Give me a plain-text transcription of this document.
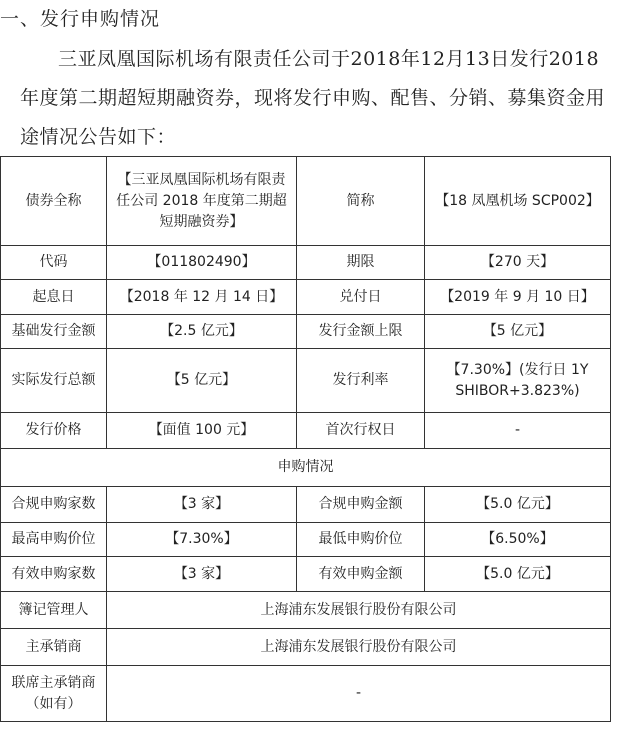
一、发行申购情况
三亚凤凰国际机场有限责任公司于2018年12月13日发行2018年度第二期超短期融资券，现将发行申购、配售、分销、募集资金用途情况公告如下：
债券全称	【三亚凤凰国际机场有限责任公司 2018 年度第二期超短期融资券】	简称	【18 凤凰机场 SCP002】
代码	【011802490】	期限	【270 天】
起息日	【2018 年 12 月 14 日】	兑付日	【2019 年 9 月 10 日】
基础发行金额	【2.5 亿元】	发行金额上限	【5 亿元】
实际发行总额	【5 亿元】	发行利率	【7.30%】(发行日 1Y SHIBOR+3.823%)
发行价格	【面值 100 元】	首次行权日	-
申购情况			
合规申购家数	【3 家】	合规申购金额	【5.0 亿元】
最高申购价位	【7.30%】	最低申购价位	【6.50%】
有效申购家数	【3 家】	有效申购金额	【5.0 亿元】
簿记管理人	上海浦东发展银行股份有限公司		
主承销商	上海浦东发展银行股份有限公司		
联席主承销商（如有）	-		
